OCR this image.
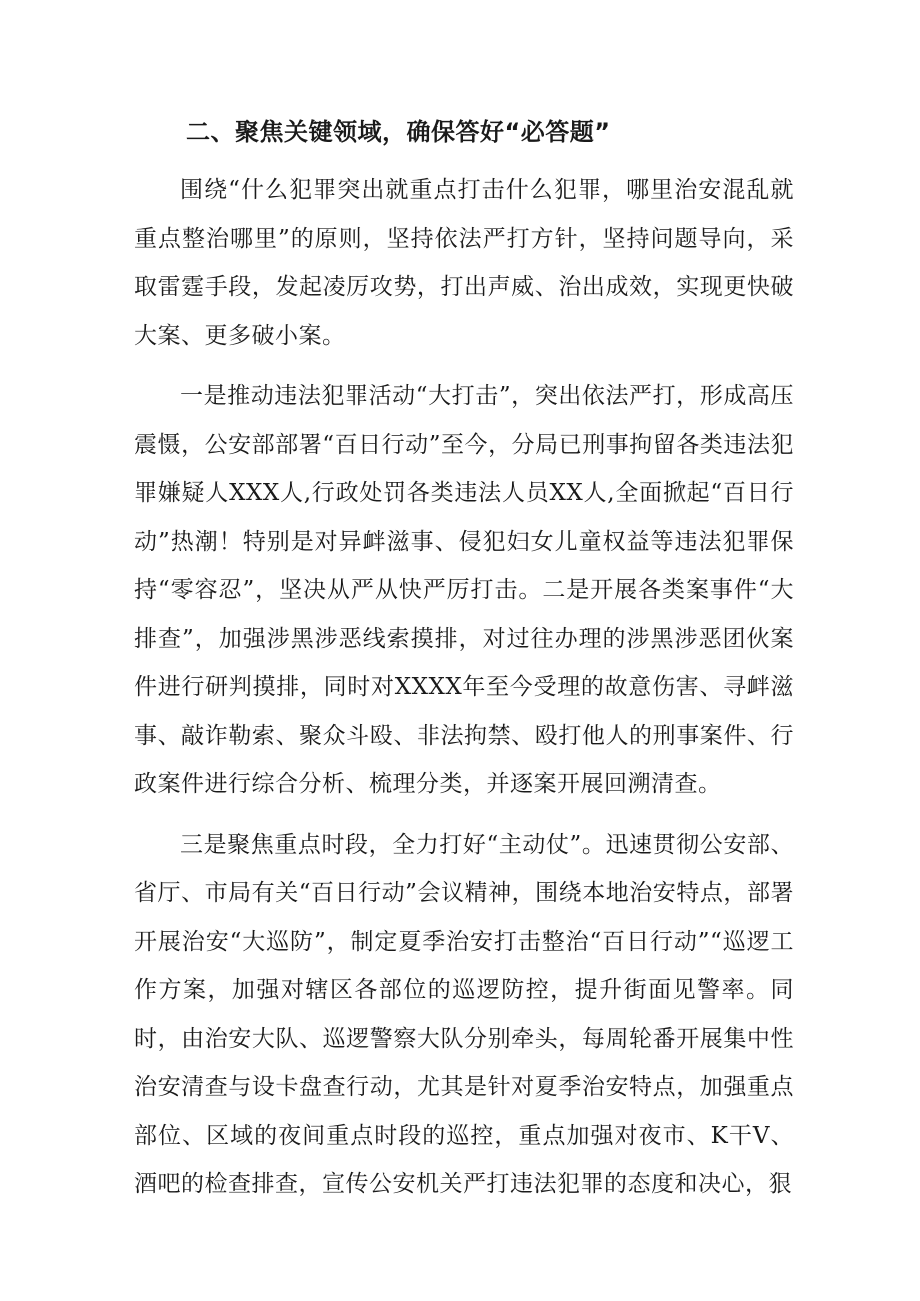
二、聚焦关键领域，确保答好“必答题”

围绕“什么犯罪突出就重点打击什么犯罪，哪里治安混乱就重点整治哪里”的原则，坚持依法严打方针，坚持问题导向，采取雷霆手段，发起凌厉攻势，打出声威、治出成效，实现更快破大案、更多破小案。

一是推动违法犯罪活动“大打击”，突出依法严打，形成高压震慑，公安部部署“百日行动”至今，分局已刑事拘留各类违法犯罪嫌疑人XXX人,行政处罚各类违法人员XX人,全面掀起“百日行动”热潮！特别是对异衅滋事、侵犯妇女儿童权益等违法犯罪保持“零容忍”，坚决从严从快严厉打击。二是开展各类案事件“大排查”，加强涉黑涉恶线索摸排，对过往办理的涉黑涉恶团伙案件进行研判摸排，同时对XXXX年至今受理的故意伤害、寻衅滋事、敲诈勒索、聚众斗殴、非法拘禁、殴打他人的刑事案件、行政案件进行综合分析、梳理分类，并逐案开展回溯清查。

三是聚焦重点时段，全力打好“主动仗”。迅速贯彻公安部、省厅、市局有关“百日行动”会议精神，围绕本地治安特点，部署开展治安“大巡防”，制定夏季治安打击整治“百日行动”“巡逻工作方案，加强对辖区各部位的巡逻防控，提升街面见警率。同时，由治安大队、巡逻警察大队分别牵头，每周轮番开展集中性治安清查与设卡盘查行动，尤其是针对夏季治安特点，加强重点部位、区域的夜间重点时段的巡控，重点加强对夜市、K干V、酒吧的检查排查，宣传公安机关严打违法犯罪的态度和决心，狠
